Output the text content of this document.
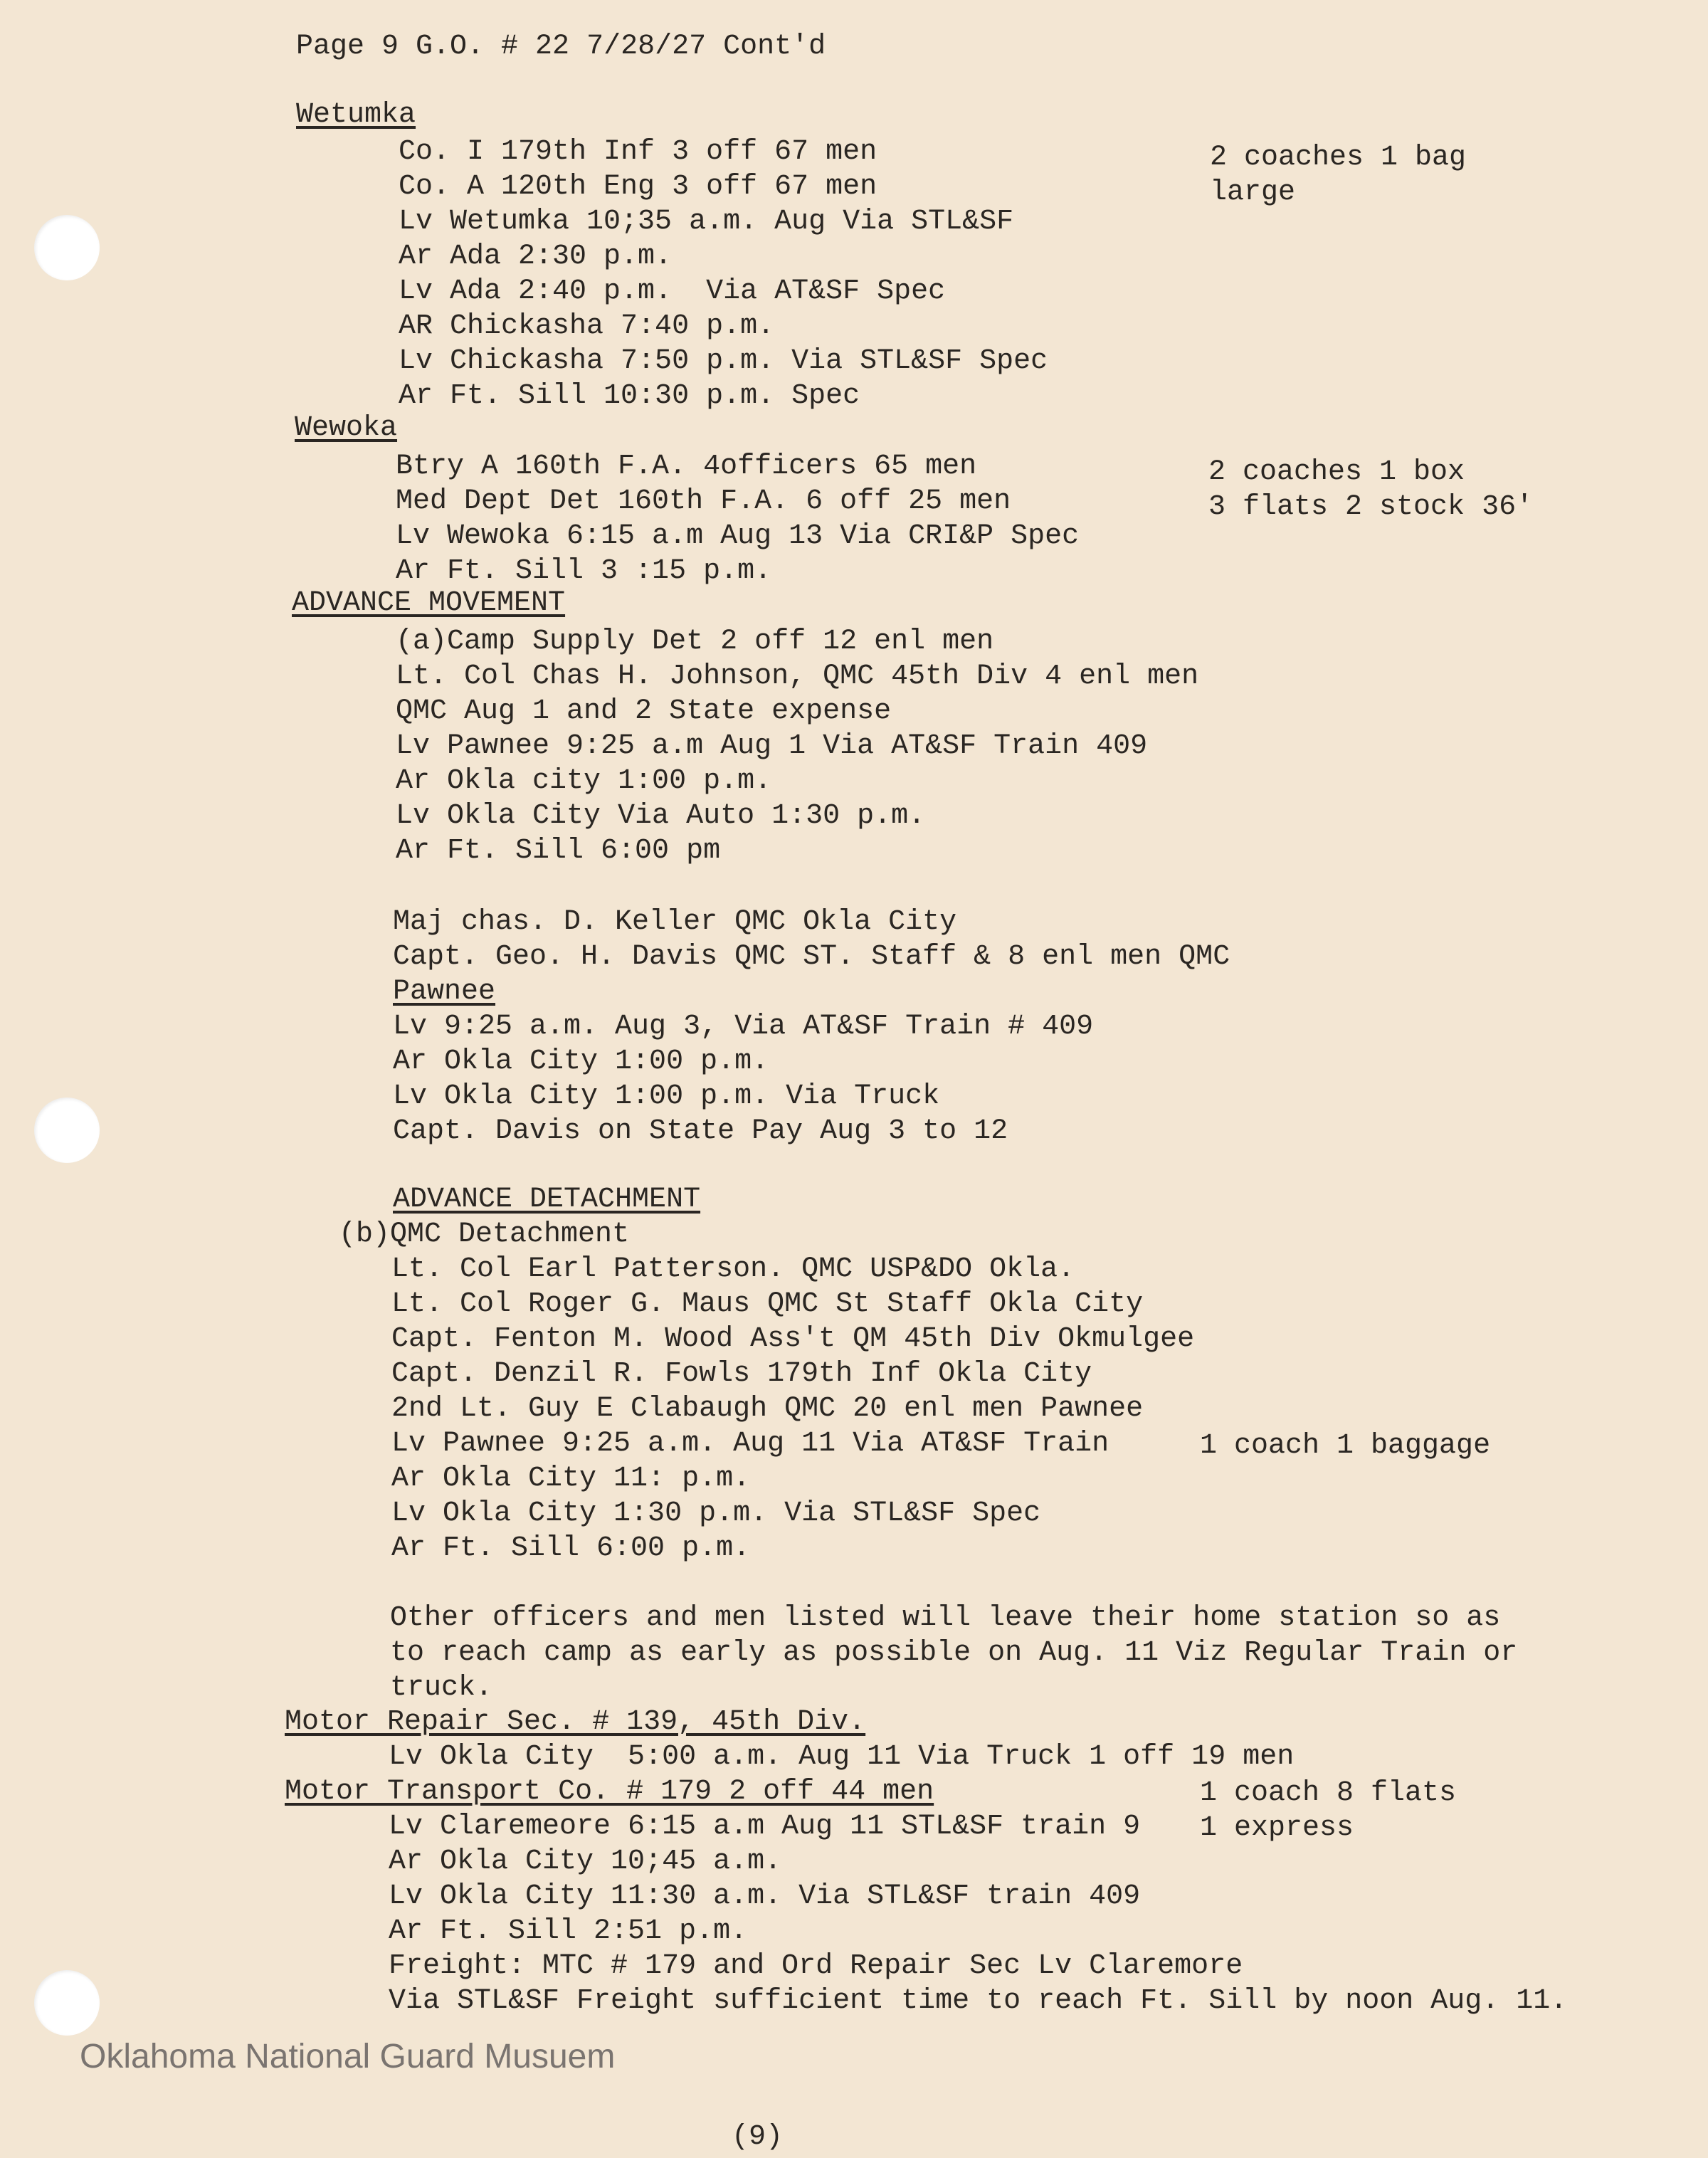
Page 9 G.O. # 22 7/28/27 Cont'd
Wetumka
Co. I 179th Inf 3 off 67 men
Co. A 120th Eng 3 off 67 men
Lv Wetumka 10;35 a.m. Aug Via STL&SF
Ar Ada 2:30 p.m.
Lv Ada 2:40 p.m.  Via AT&SF Spec
AR Chickasha 7:40 p.m.
Lv Chickasha 7:50 p.m. Via STL&SF Spec
Ar Ft. Sill 10:30 p.m. Spec
2 coaches 1 bag
large
Wewoka
Btry A 160th F.A. 4officers 65 men
Med Dept Det 160th F.A. 6 off 25 men
Lv Wewoka 6:15 a.m Aug 13 Via CRI&P Spec
Ar Ft. Sill 3 :15 p.m.
2 coaches 1 box
3 flats 2 stock 36'
ADVANCE MOVEMENT
(a)Camp Supply Det 2 off 12 enl men
Lt. Col Chas H. Johnson, QMC 45th Div 4 enl men
QMC Aug 1 and 2 State expense
Lv Pawnee 9:25 a.m Aug 1 Via AT&SF Train 409
Ar Okla city 1:00 p.m.
Lv Okla City Via Auto 1:30 p.m.
Ar Ft. Sill 6:00 pm
Maj chas. D. Keller QMC Okla City
Capt. Geo. H. Davis QMC ST. Staff & 8 enl men QMC
Pawnee
Lv 9:25 a.m. Aug 3, Via AT&SF Train # 409
Ar Okla City 1:00 p.m.
Lv Okla City 1:00 p.m. Via Truck
Capt. Davis on State Pay Aug 3 to 12
ADVANCE DETACHMENT
(b)QMC Detachment
Lt. Col Earl Patterson. QMC USP&DO Okla.
Lt. Col Roger G. Maus QMC St Staff Okla City
Capt. Fenton M. Wood Ass't QM 45th Div Okmulgee
Capt. Denzil R. Fowls 179th Inf Okla City
2nd Lt. Guy E Clabaugh QMC 20 enl men Pawnee
Lv Pawnee 9:25 a.m. Aug 11 Via AT&SF Train
Ar Okla City 11: p.m.
Lv Okla City 1:30 p.m. Via STL&SF Spec
Ar Ft. Sill 6:00 p.m.
1 coach 1 baggage
Other officers and men listed will leave their home station so as
to reach camp as early as possible on Aug. 11 Viz Regular Train or
truck.
Motor Repair Sec. # 139, 45th Div.
Lv Okla City  5:00 a.m. Aug 11 Via Truck 1 off 19 men
Motor Transport Co. # 179 2 off 44 men
Lv Claremeore 6:15 a.m Aug 11 STL&SF train 9
Ar Okla City 10;45 a.m.
Lv Okla City 11:30 a.m. Via STL&SF train 409
Ar Ft. Sill 2:51 p.m.
Freight: MTC # 179 and Ord Repair Sec Lv Claremore
Via STL&SF Freight sufficient time to reach Ft. Sill by noon Aug. 11.
1 coach 8 flats
1 express
Oklahoma National Guard Musuem
(9)
